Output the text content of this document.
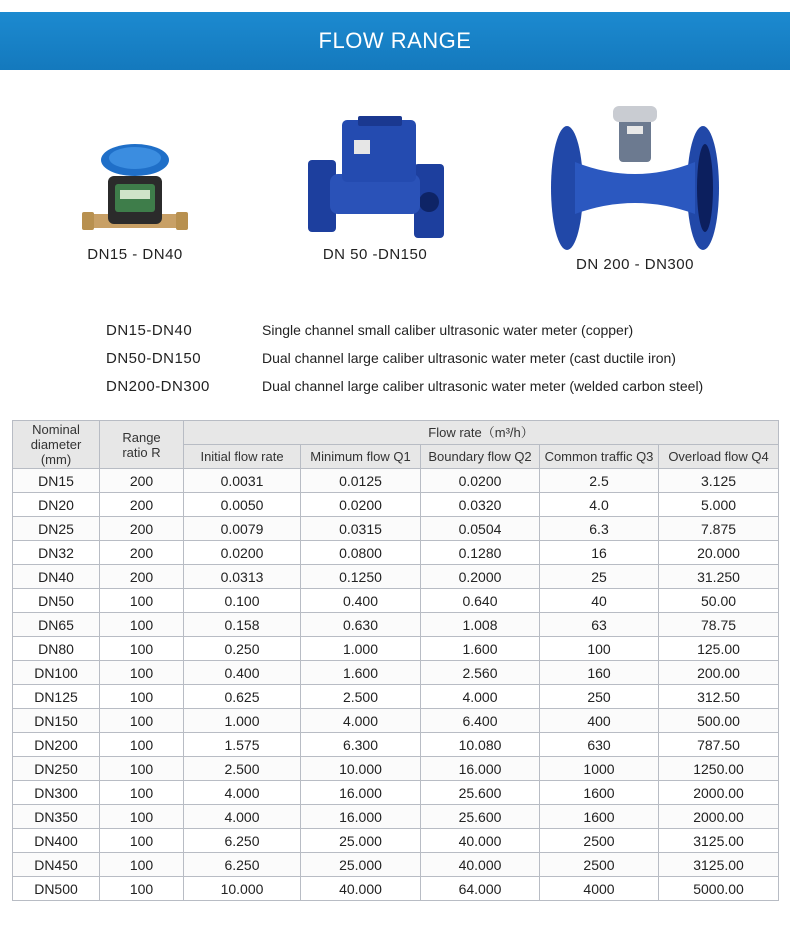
FLOW RANGE
DN15 - DN40	DN 50 -DN150
DN 200 - DN300
DN15-DN40	Single channel small caliber ultrasonic water meter (copper)
DN50-DN150	Dual channel large caliber ultrasonic water meter (cast ductile iron)
DN200-DN300	Dual channel large caliber ultrasonic water meter (welded carbon steel)
Nominal diameter (mm)	Range ratio R	Flow rate（m³/h）				
		Initial flow rate	Minimum flow Q1	Boundary flow Q2	Common traffic Q3	Overload flow Q4
DN15	200	0.0031	0.0125	0.0200	2.5	3.125
DN20	200	0.0050	0.0200	0.0320	4.0	5.000
DN25	200	0.0079	0.0315	0.0504	6.3	7.875
DN32	200	0.0200	0.0800	0.1280	16	20.000
DN40	200	0.0313	0.1250	0.2000	25	31.250
DN50	100	0.100	0.400	0.640	40	50.00
DN65	100	0.158	0.630	1.008	63	78.75
DN80	100	0.250	1.000	1.600	100	125.00
DN100	100	0.400	1.600	2.560	160	200.00
DN125	100	0.625	2.500	4.000	250	312.50
DN150	100	1.000	4.000	6.400	400	500.00
DN200	100	1.575	6.300	10.080	630	787.50
DN250	100	2.500	10.000	16.000	1000	1250.00
DN300	100	4.000	16.000	25.600	1600	2000.00
DN350	100	4.000	16.000	25.600	1600	2000.00
DN400	100	6.250	25.000	40.000	2500	3125.00
DN450	100	6.250	25.000	40.000	2500	3125.00
DN500	100	10.000	40.000	64.000	4000	5000.00
